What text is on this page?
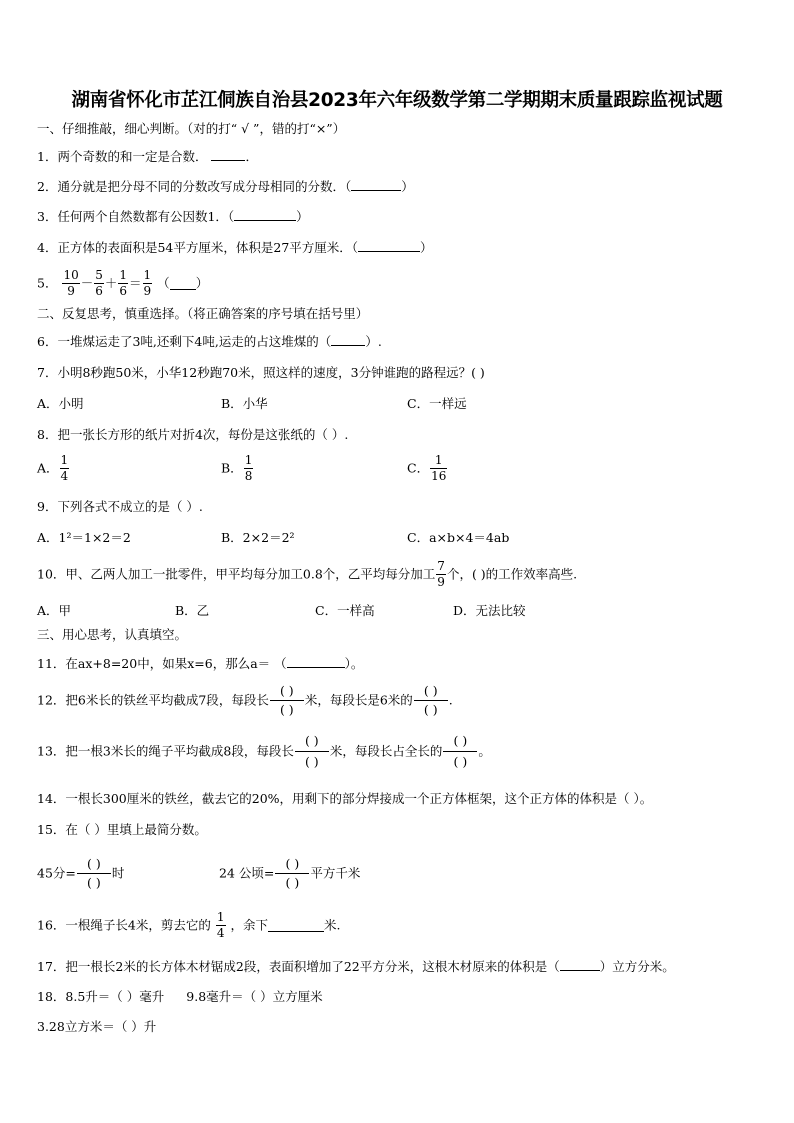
湖南省怀化市芷江侗族自治县2023年六年级数学第二学期期末质量跟踪监视试题
一、仔细推敲，细心判断。（对的打“ √ ”，错的打“×”）
1．两个奇数的和一定是合数．	．
2．通分就是把分母不同的分数改写成分母相同的分数．（	）
3．任何两个自然数都有公因数1．（	）
4．正方体的表面积是54平方厘米，体积是27平方厘米．（	）
5． $\frac{10}{9} - \frac{5}{6} + \frac{1}{6} = \frac{1}{9}$ （ ）
二、反复思考，慎重选择。（将正确答案的序号填在括号里）
6．一堆煤运走了3吨,还剩下4吨,运走的占这堆煤的（	）.
7．小明8秒跑50米，小华12秒跑70米，照这样的速度，3分钟谁跑的路程远？( )
A．小明	B．小华	C．一样远
8．把一张长方形的纸片对折4次，每份是这张纸的（ ）.
A． $\frac{1}{4}$	B． $\frac{1}{8}$	C． $\frac{1}{16}$
9．下列各式不成立的是（ ）.
A．1²＝1×2＝2	B．2×2＝2²	C．a×b×4＝4ab
10．甲、乙两人加工一批零件，甲平均每分加工0.8个，乙平均每分加工 $\frac{7}{9}$ 个，( )的工作效率高些.
A．甲	B．乙	C．一样高	D．无法比较
三、用心思考，认真填空。
11．在ax+8=20中，如果x=6，那么a＝ （	）。
12．把6米长的铁丝平均截成7段，每段长
( )
( )
米，每段长是6米的
( )
( )
.
13．把一根3米长的绳子平均截成8段，每段长
( )
( )
米，每段长占全长的
( )
( )
。
14．一根长300厘米的铁丝，截去它的20%，用剩下的部分焊接成一个正方体框架，这个正方体的体积是（ ）。
15．在（ ）里填上最简分数。
45分=
( )
( )
时	24 公顷=
( )
( )
平方千米
16．一根绳子长4米，剪去它的 $\frac{1}{4}$ ，余下	米.
17．把一根长2米的长方体木材锯成2段，表面积增加了22平方分米，这根木材原来的体积是（	）立方分米。
18．8.5升＝（ ）毫升 9.8毫升＝（ ）立方厘米
3.28立方米＝（ ）升
